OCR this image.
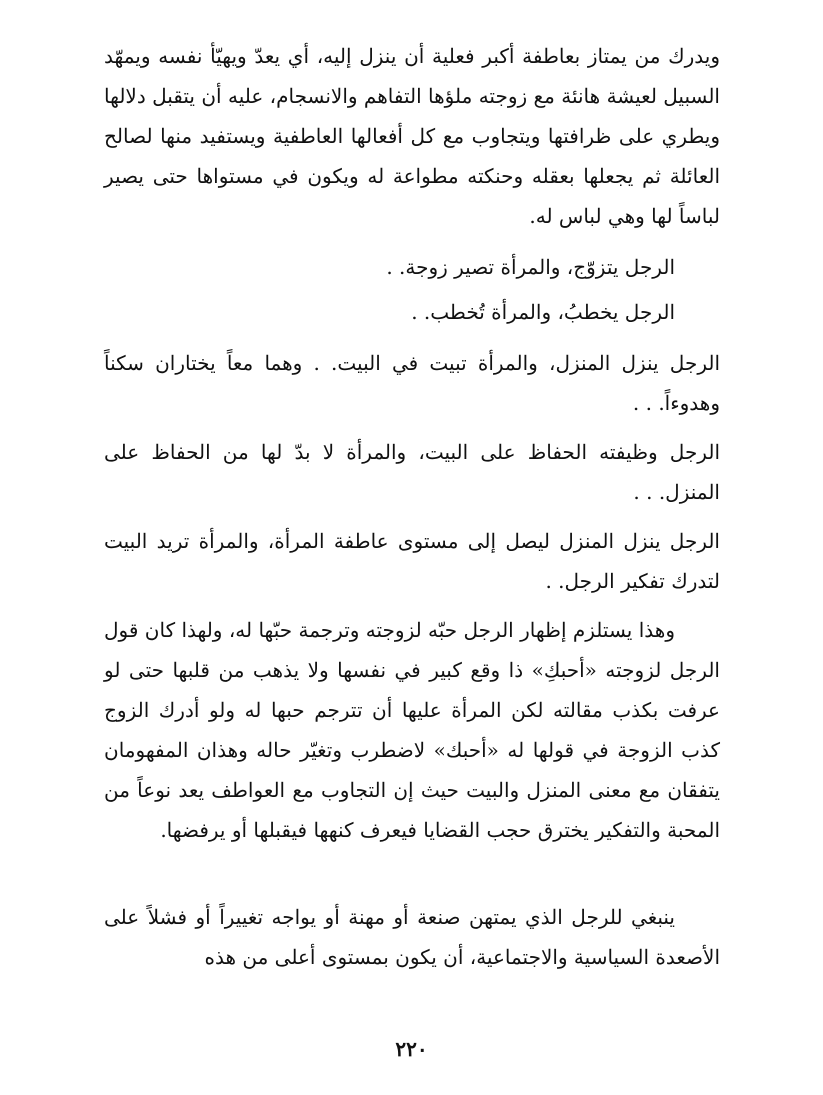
ويدرك من يمتاز بعاطفة أكبر فعلية أن ينزل إليه، أي يعدّ ويهيّأ نفسه ويمهّد السبيل لعيشة هانئة مع زوجته ملؤها التفاهم والانسجام، عليه أن يتقبل دلالها ويطري على ظرافتها ويتجاوب مع كل أفعالها العاطفية ويستفيد منها لصالح العائلة ثم يجعلها بعقله وحنكته مطواعة له ويكون في مستواها حتى يصير لباساً لها وهي لباس له.

الرجل يتزوّج، والمرأة تصير زوجة. .

الرجل يخطبُ، والمرأة تُخطب. .

الرجل ينزل المنزل، والمرأة تبيت في البيت. . وهما معاً يختاران سكناً وهدوءاً. . .

الرجل وظيفته الحفاظ على البيت، والمرأة لا بدّ لها من الحفاظ على المنزل. . .

الرجل ينزل المنزل ليصل إلى مستوى عاطفة المرأة، والمرأة تريد البيت لتدرك تفكير الرجل. .

وهذا يستلزم إظهار الرجل حبّه لزوجته وترجمة حبّها له، ولهذا كان قول الرجل لزوجته «أحبكِ» ذا وقع كبير في نفسها ولا يذهب من قلبها حتى لو عرفت بكذب مقالته لكن المرأة عليها أن تترجم حبها له ولو أدرك الزوج كذب الزوجة في قولها له «أحبك» لاضطرب وتغيّر حاله وهذان المفهومان يتفقان مع معنى المنزل والبيت حيث إن التجاوب مع العواطف يعد نوعاً من المحبة والتفكير يخترق حجب القضايا فيعرف كنهها فيقبلها أو يرفضها.

ينبغي للرجل الذي يمتهن صنعة أو مهنة أو يواجه تغييراً أو فشلاً على الأصعدة السياسية والاجتماعية، أن يكون بمستوى أعلى من هذه

٢٢٠
